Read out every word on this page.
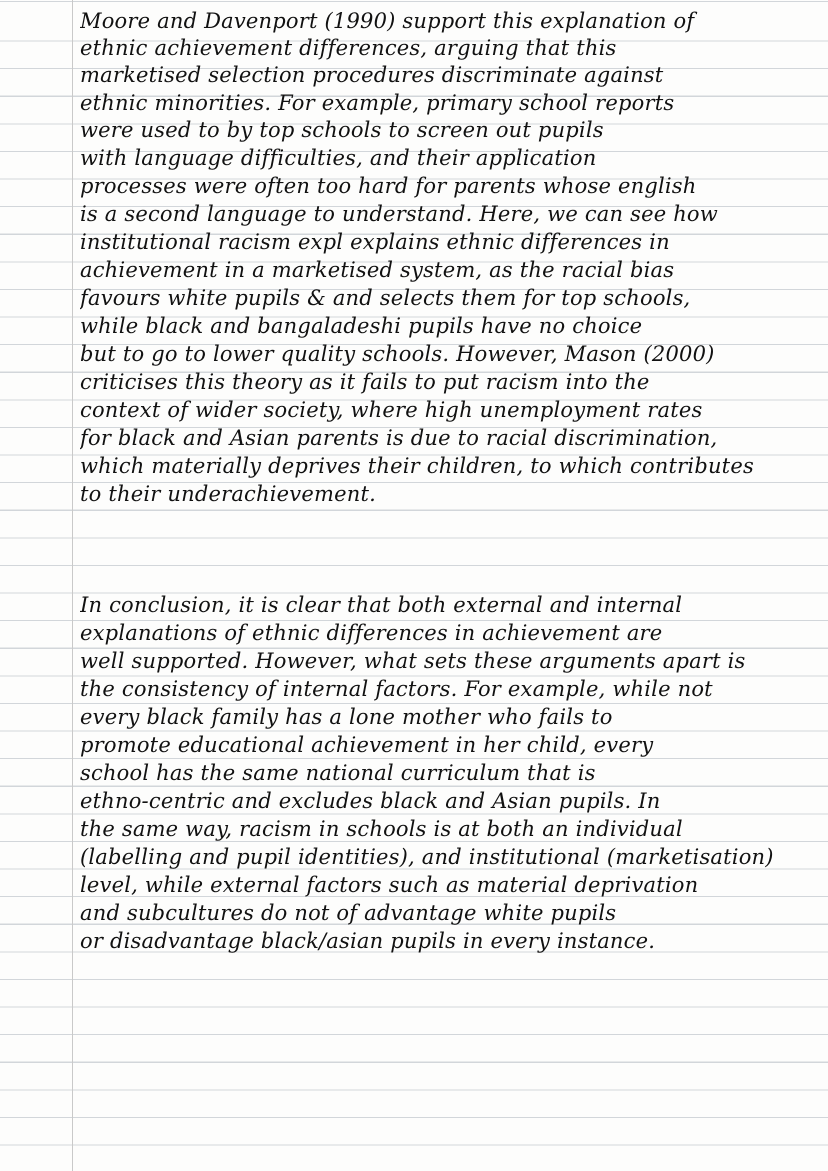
Moore and Davenport (1990) support this explanation of
ethnic achievement differences, arguing that this
marketised selection procedures discriminate against
ethnic minorities. For example, primary school reports
were used to by top schools to screen out pupils
with language difficulties, and their application
processes were often too hard for parents whose english
is a second language to understand. Here, we can see how
institutional racism expl explains ethnic differences in
achievement in a marketised system, as the racial bias
favours white pupils & and selects them for top schools,
while black and bangaladeshi pupils have no choice
but to go to lower quality schools. However, Mason (2000)
criticises this theory as it fails to put racism into the
context of wider society, where high unemployment rates
for black and Asian parents is due to racial discrimination,
which materially deprives their children, to which contributes
to their underachievement.
In conclusion, it is clear that both external and internal
explanations of ethnic differences in achievement are
well supported. However, what sets these arguments apart is
the consistency of internal factors. For example, while not
every black family has a lone mother who fails to
promote educational achievement in her child, every
school has the same national curriculum that is
ethno-centric and excludes black and Asian pupils. In
the same way, racism in schools is at both an individual
(labelling and pupil identities), and institutional (marketisation)
level, while external factors such as material deprivation
and subcultures do not of advantage white pupils
or disadvantage black/asian pupils in every instance.
